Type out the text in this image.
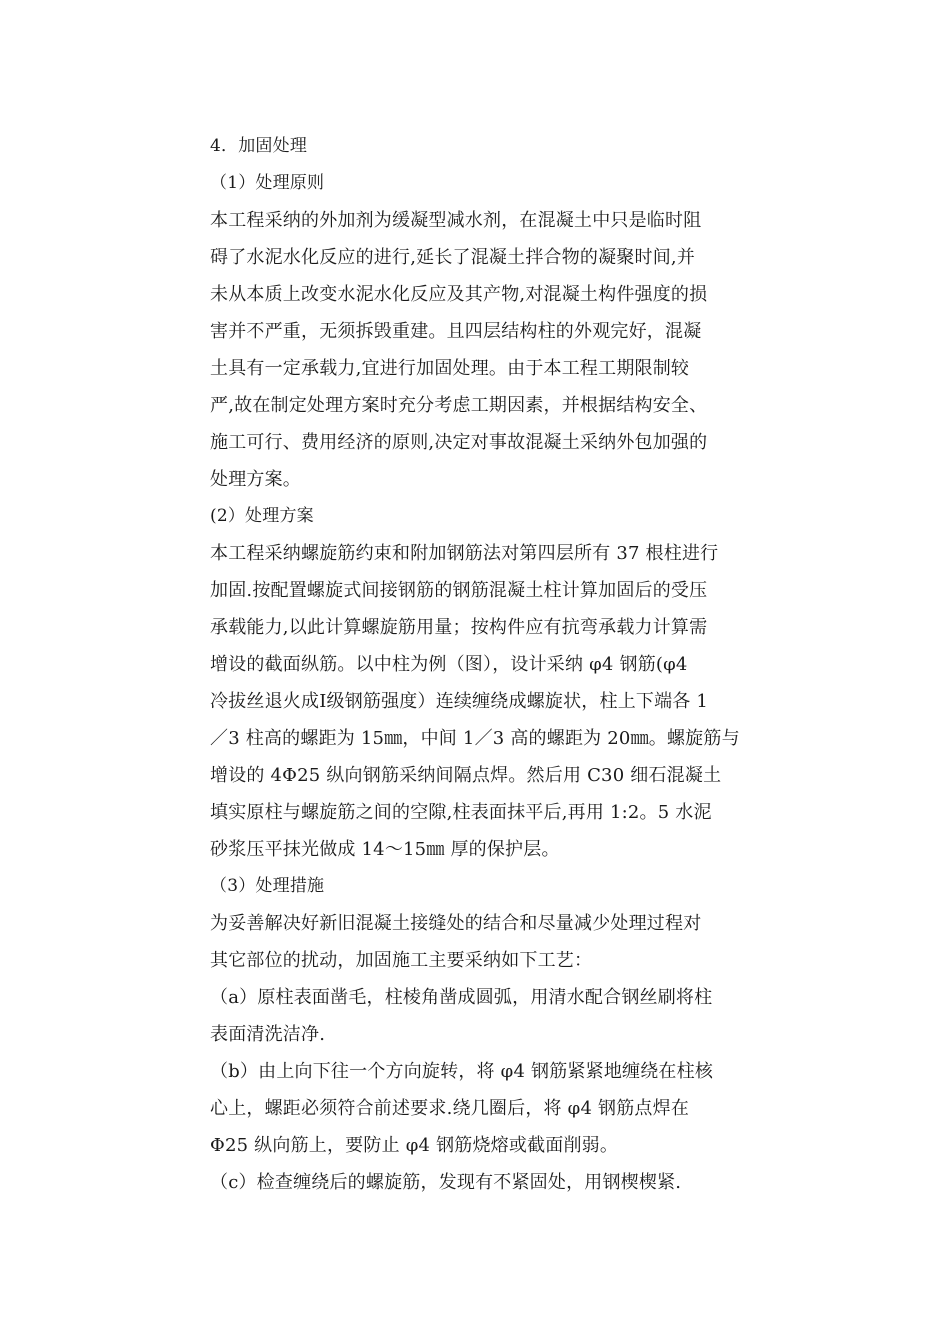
4．加固处理
（1）处理原则
本工程采纳的外加剂为缓凝型减水剂，在混凝土中只是临时阻
碍了水泥水化反应的进行,延长了混凝土拌合物的凝聚时间,并
未从本质上改变水泥水化反应及其产物,对混凝土构件强度的损
害并不严重，无须拆毁重建。且四层结构柱的外观完好，混凝
土具有一定承载力,宜进行加固处理。由于本工程工期限制较
严,故在制定处理方案时充分考虑工期因素，并根据结构安全、
施工可行、费用经济的原则,决定对事故混凝土采纳外包加强的
处理方案。
(2）处理方案
本工程采纳螺旋筋约束和附加钢筋法对第四层所有 37 根柱进行
加固.按配置螺旋式间接钢筋的钢筋混凝土柱计算加固后的受压
承载能力,以此计算螺旋筋用量；按构件应有抗弯承载力计算需
增设的截面纵筋。以中柱为例（图），设计采纳 φ4 钢筋(φ4
冷拔丝退火成Ⅰ级钢筋强度）连续缠绕成螺旋状，柱上下端各 1
／3 柱高的螺距为 15㎜，中间 1／3 高的螺距为 20㎜。螺旋筋与
增设的 4Φ25 纵向钢筋采纳间隔点焊。然后用 C30 细石混凝土
填实原柱与螺旋筋之间的空隙,柱表面抹平后,再用 1:2。5 水泥
砂浆压平抹光做成 14～15㎜ 厚的保护层。
（3）处理措施
为妥善解决好新旧混凝土接缝处的结合和尽量减少处理过程对
其它部位的扰动，加固施工主要采纳如下工艺：
（a）原柱表面凿毛，柱棱角凿成圆弧，用清水配合钢丝刷将柱
表面清洗洁净.
（b）由上向下往一个方向旋转，将 φ4 钢筋紧紧地缠绕在柱核
心上，螺距必须符合前述要求.绕几圈后，将 φ4 钢筋点焊在
Φ25 纵向筋上，要防止 φ4 钢筋烧熔或截面削弱。
（c）检查缠绕后的螺旋筋，发现有不紧固处，用钢楔楔紧.
